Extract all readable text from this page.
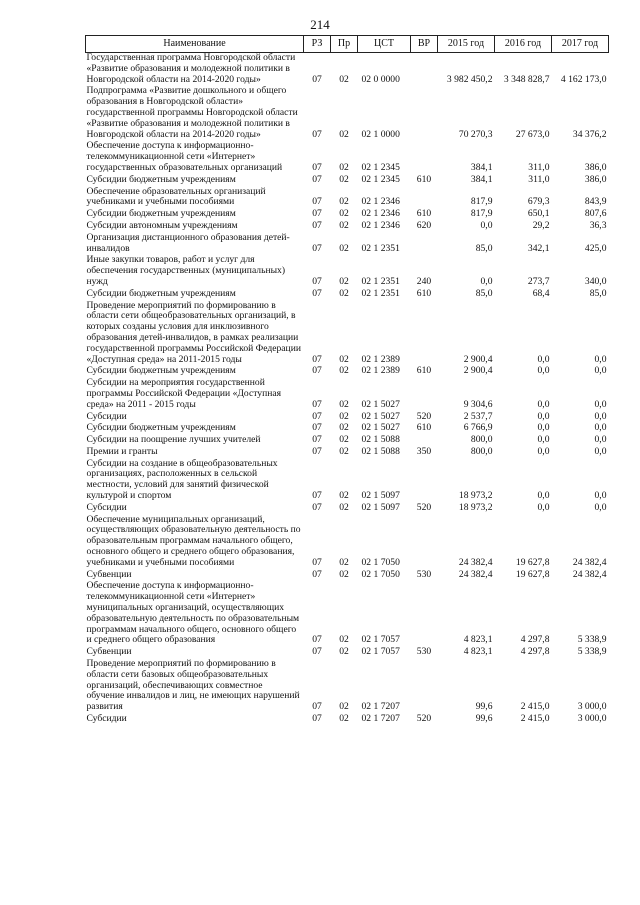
214
Наименование	РЗ	Пр	ЦСТ	ВР	2015 год	2016 год	2017 год
Государственная программа Новгородской области «Развитие образования и молодежной политики в Новгородской области на 2014-2020 годы»	07	02	02 0 0000		3 982 450,2	3 348 828,7	4 162 173,0
Подпрограмма «Развитие дошкольного и общего образования в Новгородской области» государственной программы Новгородской области «Развитие образования и молодежной политики в Новгородской области на 2014-2020 годы»	07	02	02 1 0000		70 270,3	27 673,0	34 376,2
Обеспечение доступа к информационно-телекоммуникационной сети «Интернет» государственных образовательных организаций	07	02	02 1 2345		384,1	311,0	386,0
Субсидии бюджетным учреждениям	07	02	02 1 2345	610	384,1	311,0	386,0
Обеспечение образовательных организаций учебниками и учебными пособиями	07	02	02 1 2346		817,9	679,3	843,9
Субсидии бюджетным учреждениям	07	02	02 1 2346	610	817,9	650,1	807,6
Субсидии автономным учреждениям	07	02	02 1 2346	620	0,0	29,2	36,3
Организация дистанционного образования детей-инвалидов	07	02	02 1 2351		85,0	342,1	425,0
Иные закупки товаров, работ и услуг для обеспечения государственных (муниципальных) нужд	07	02	02 1 2351	240	0,0	273,7	340,0
Субсидии бюджетным учреждениям	07	02	02 1 2351	610	85,0	68,4	85,0
Проведение мероприятий по формированию в области сети общеобразовательных организаций, в которых созданы условия для инклюзивного образования детей-инвалидов, в рамках реализации государственной программы Российской Федерации «Доступная среда» на 2011-2015 годы	07	02	02 1 2389		2 900,4	0,0	0,0
Субсидии бюджетным учреждениям	07	02	02 1 2389	610	2 900,4	0,0	0,0
Субсидии на мероприятия государственной программы Российской Федерации «Доступная среда» на 2011 - 2015 годы	07	02	02 1 5027		9 304,6	0,0	0,0
Субсидии	07	02	02 1 5027	520	2 537,7	0,0	0,0
Субсидии бюджетным учреждениям	07	02	02 1 5027	610	6 766,9	0,0	0,0
Субсидии на поощрение лучших учителей	07	02	02 1 5088		800,0	0,0	0,0
Премии и гранты	07	02	02 1 5088	350	800,0	0,0	0,0
Субсидии на создание в общеобразовательных организациях, расположенных в сельской местности, условий для занятий физической культурой и спортом	07	02	02 1 5097		18 973,2	0,0	0,0
Субсидии	07	02	02 1 5097	520	18 973,2	0,0	0,0
Обеспечение муниципальных организаций, осуществляющих образовательную деятельность по образовательным программам начального общего, основного общего и среднего общего образования, учебниками и учебными пособиями	07	02	02 1 7050		24 382,4	19 627,8	24 382,4
Субвенции	07	02	02 1 7050	530	24 382,4	19 627,8	24 382,4
Обеспечение доступа к информационно-телекоммуникационной сети «Интернет» муниципальных организаций, осуществляющих образовательную деятельность по образовательным программам начального общего, основного общего и среднего общего образования	07	02	02 1 7057		4 823,1	4 297,8	5 338,9
Субвенции	07	02	02 1 7057	530	4 823,1	4 297,8	5 338,9
Проведение мероприятий по формированию в области сети базовых общеобразовательных организаций, обеспечивающих совместное обучение инвалидов и лиц, не имеющих нарушений развития	07	02	02 1 7207		99,6	2 415,0	3 000,0
Субсидии	07	02	02 1 7207	520	99,6	2 415,0	3 000,0
